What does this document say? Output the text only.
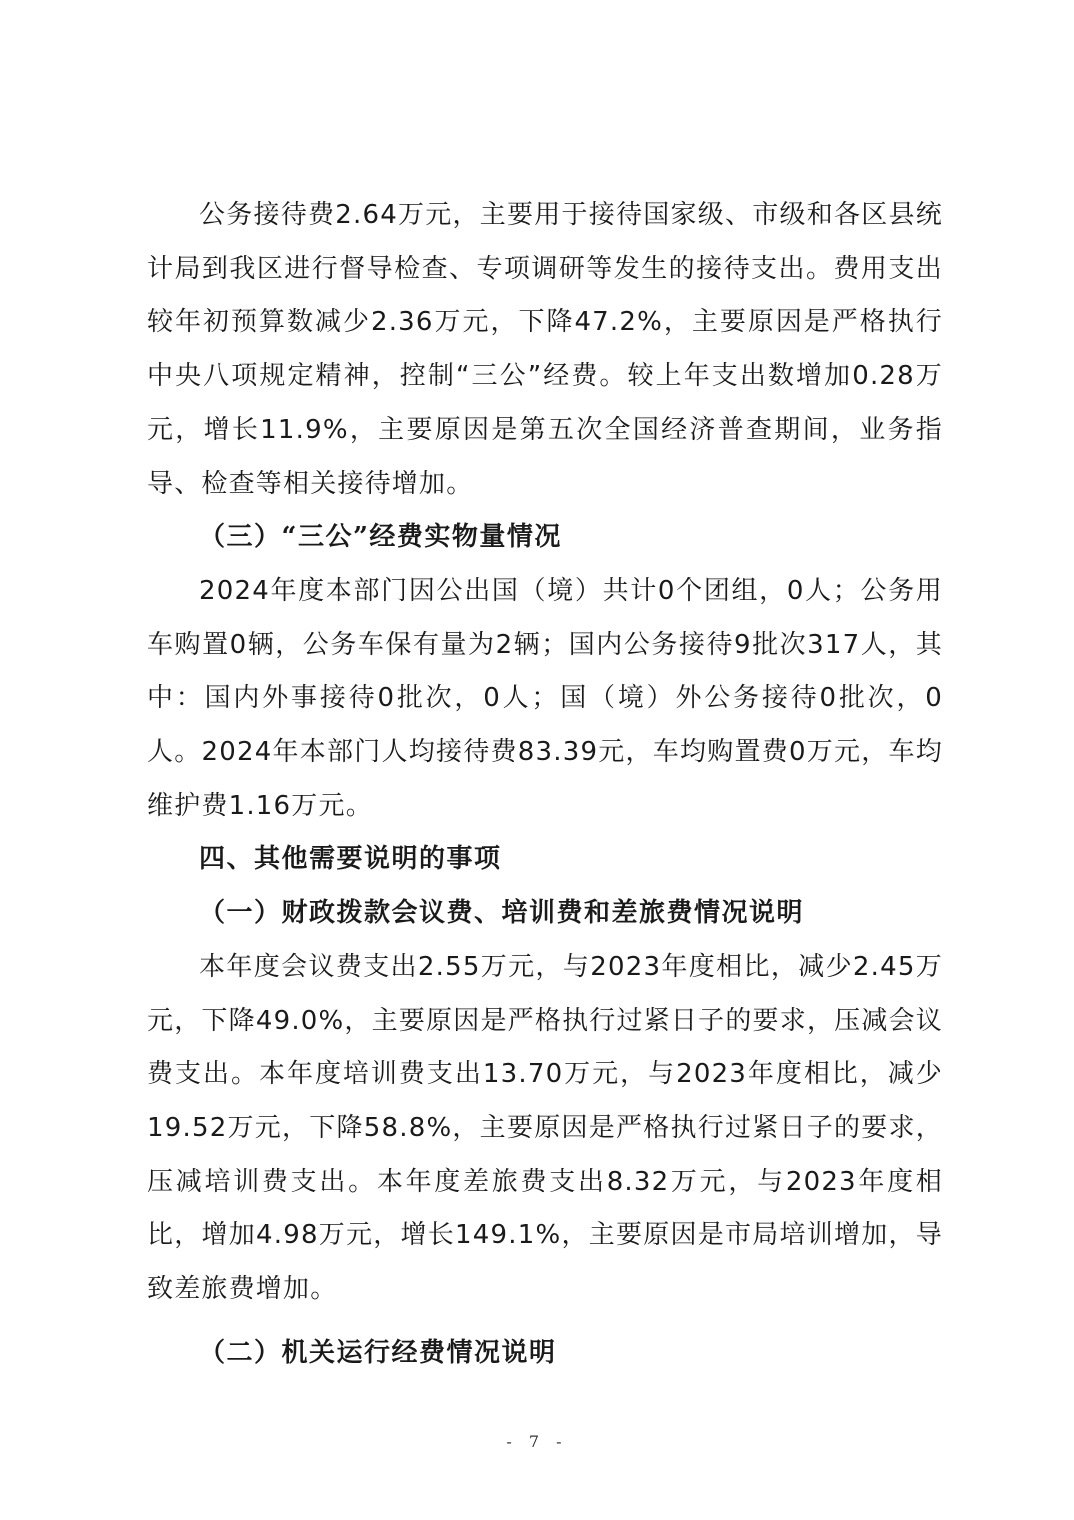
公务接待费2.64万元，主要用于接待国家级、市级和各区县统计局到我区进行督导检查、专项调研等发生的接待支出。费用支出较年初预算数减少2.36万元，下降47.2%，主要原因是严格执行中央八项规定精神，控制“三公”经费。较上年支出数增加0.28万元，增长11.9%，主要原因是第五次全国经济普查期间，业务指导、检查等相关接待增加。

（三）“三公”经费实物量情况

2024年度本部门因公出国（境）共计0个团组，0人；公务用车购置0辆，公务车保有量为2辆；国内公务接待9批次317人，其中：国内外事接待0批次，0人；国（境）外公务接待0批次，0人。2024年本部门人均接待费83.39元，车均购置费0万元，车均维护费1.16万元。

四、其他需要说明的事项

（一）财政拨款会议费、培训费和差旅费情况说明

本年度会议费支出2.55万元，与2023年度相比，减少2.45万元，下降49.0%，主要原因是严格执行过紧日子的要求，压减会议费支出。本年度培训费支出13.70万元，与2023年度相比，减少19.52万元，下降58.8%，主要原因是严格执行过紧日子的要求，压减培训费支出。本年度差旅费支出8.32万元，与2023年度相比，增加4.98万元，增长149.1%，主要原因是市局培训增加，导致差旅费增加。

（二）机关运行经费情况说明

- 7 -
